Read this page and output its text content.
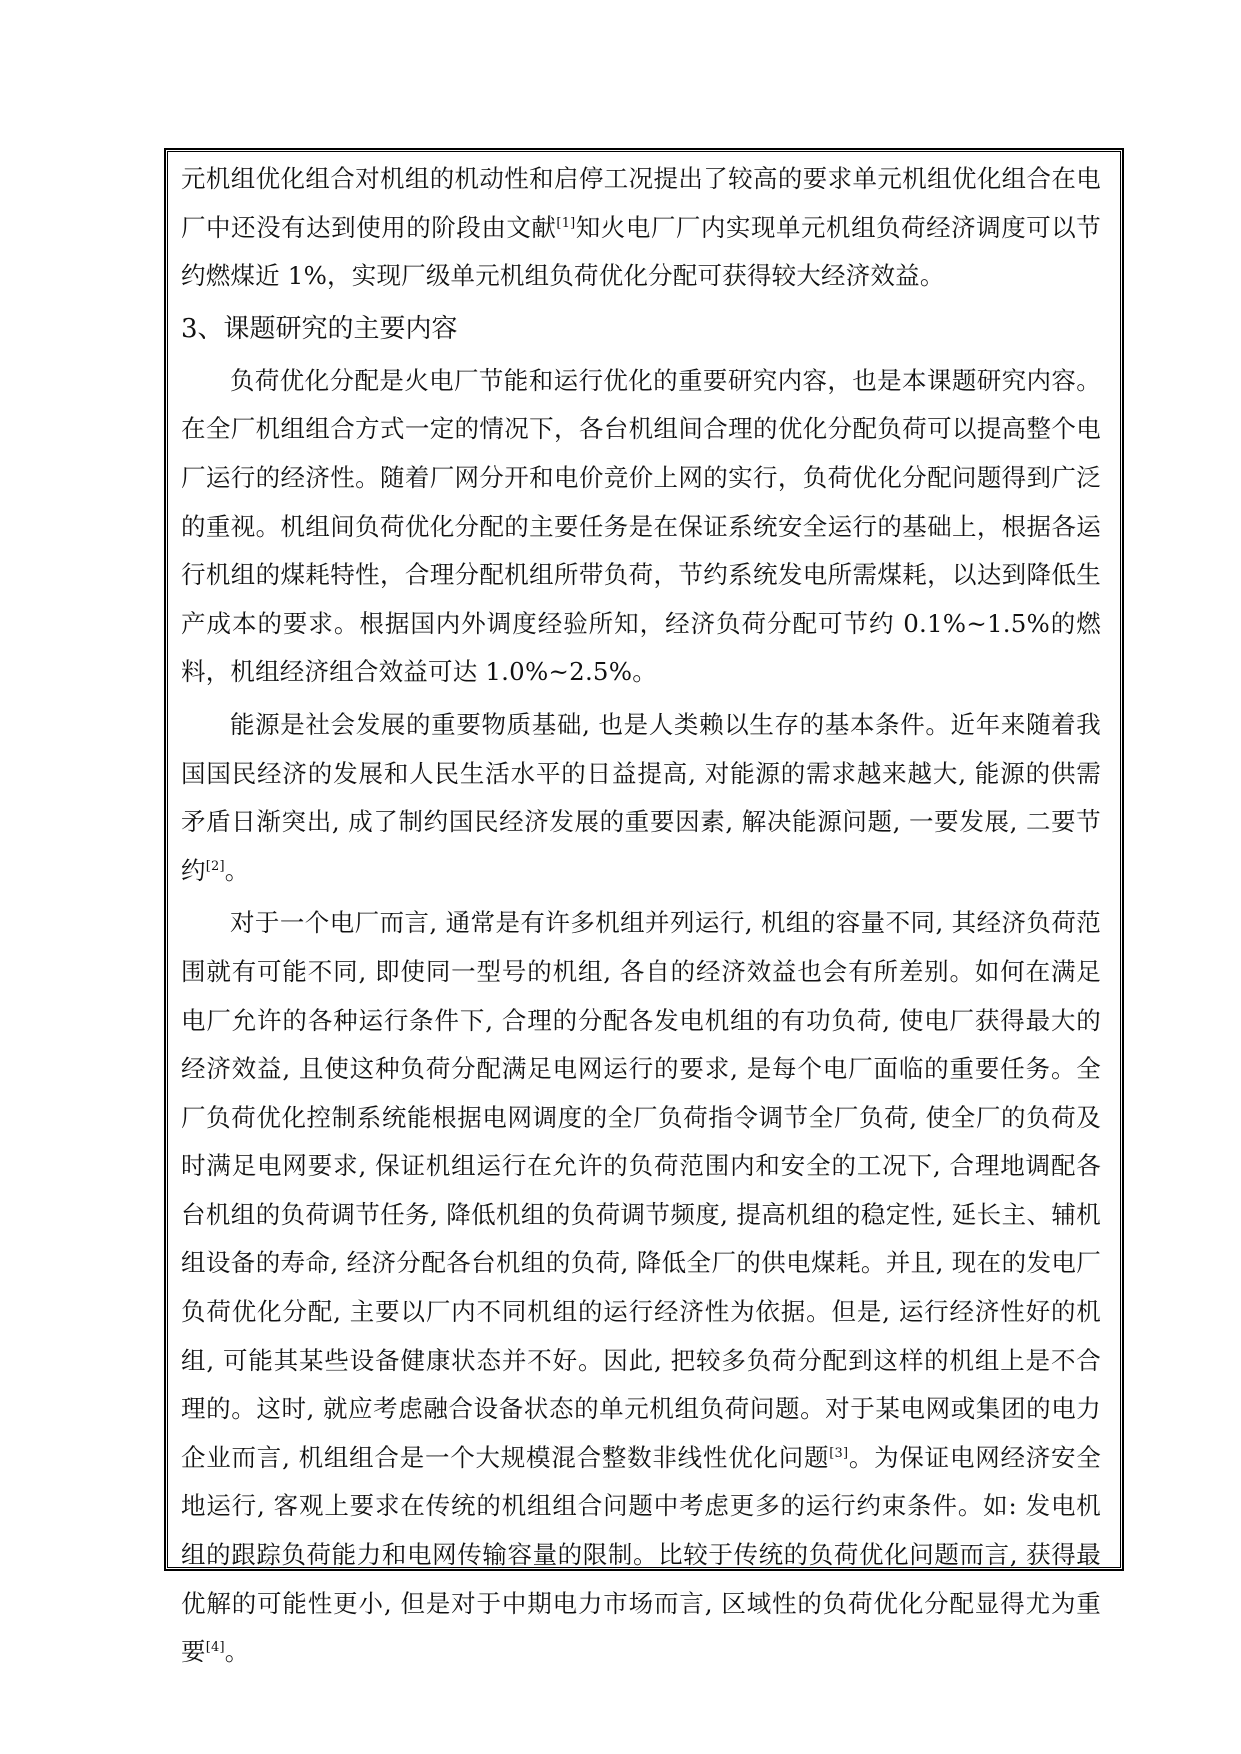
元机组优化组合对机组的机动性和启停工况提出了较高的要求单元机组优化组合在电厂中还没有达到使用的阶段由文献[1]知火电厂厂内实现单元机组负荷经济调度可以节约燃煤近 1%，实现厂级单元机组负荷优化分配可获得较大经济效益。

3、课题研究的主要内容

负荷优化分配是火电厂节能和运行优化的重要研究内容，也是本课题研究内容。在全厂机组组合方式一定的情况下，各台机组间合理的优化分配负荷可以提高整个电厂运行的经济性。随着厂网分开和电价竞价上网的实行，负荷优化分配问题得到广泛的重视。机组间负荷优化分配的主要任务是在保证系统安全运行的基础上，根据各运行机组的煤耗特性，合理分配机组所带负荷，节约系统发电所需煤耗，以达到降低生产成本的要求。根据国内外调度经验所知，经济负荷分配可节约 0.1%~1.5%的燃料，机组经济组合效益可达 1.0%~2.5%。

能源是社会发展的重要物质基础, 也是人类赖以生存的基本条件。近年来随着我国国民经济的发展和人民生活水平的日益提高, 对能源的需求越来越大, 能源的供需矛盾日渐突出, 成了制约国民经济发展的重要因素, 解决能源问题, 一要发展, 二要节约[2]。

对于一个电厂而言, 通常是有许多机组并列运行, 机组的容量不同, 其经济负荷范围就有可能不同, 即使同一型号的机组, 各自的经济效益也会有所差别。如何在满足电厂允许的各种运行条件下, 合理的分配各发电机组的有功负荷, 使电厂获得最大的经济效益, 且使这种负荷分配满足电网运行的要求, 是每个电厂面临的重要任务。全厂负荷优化控制系统能根据电网调度的全厂负荷指令调节全厂负荷, 使全厂的负荷及时满足电网要求, 保证机组运行在允许的负荷范围内和安全的工况下, 合理地调配各台机组的负荷调节任务, 降低机组的负荷调节频度, 提高机组的稳定性, 延长主、辅机组设备的寿命, 经济分配各台机组的负荷, 降低全厂的供电煤耗。并且, 现在的发电厂负荷优化分配, 主要以厂内不同机组的运行经济性为依据。但是, 运行经济性好的机组, 可能其某些设备健康状态并不好。因此, 把较多负荷分配到这样的机组上是不合理的。这时, 就应考虑融合设备状态的单元机组负荷问题。对于某电网或集团的电力企业而言, 机组组合是一个大规模混合整数非线性优化问题[3]。为保证电网经济安全地运行, 客观上要求在传统的机组组合问题中考虑更多的运行约束条件。如: 发电机组的跟踪负荷能力和电网传输容量的限制。比较于传统的负荷优化问题而言, 获得最优解的可能性更小, 但是对于中期电力市场而言, 区域性的负荷优化分配显得尤为重要[4]。
